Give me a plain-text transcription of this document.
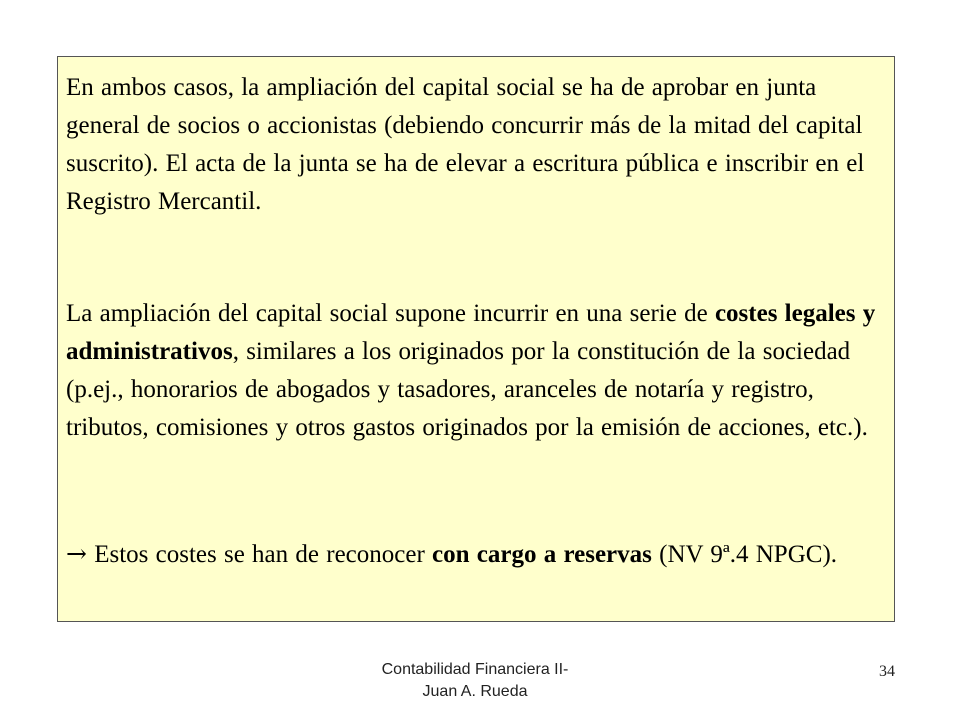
En ambos casos, la ampliación del capital social se ha de aprobar en junta general de socios o accionistas (debiendo concurrir más de la mitad del capital suscrito). El acta de la junta se ha de elevar a escritura pública e inscribir en el Registro Mercantil.

La ampliación del capital social supone incurrir en una serie de costes legales y administrativos, similares a los originados por la constitución de la sociedad (p.ej., honorarios de abogados y tasadores, aranceles de notaría y registro, tributos, comisiones y otros gastos originados por la emisión de acciones, etc.).

→ Estos costes se han de reconocer con cargo a reservas (NV 9ª.4 NPGC).

Contabilidad Financiera II-
Juan A. Rueda
34
